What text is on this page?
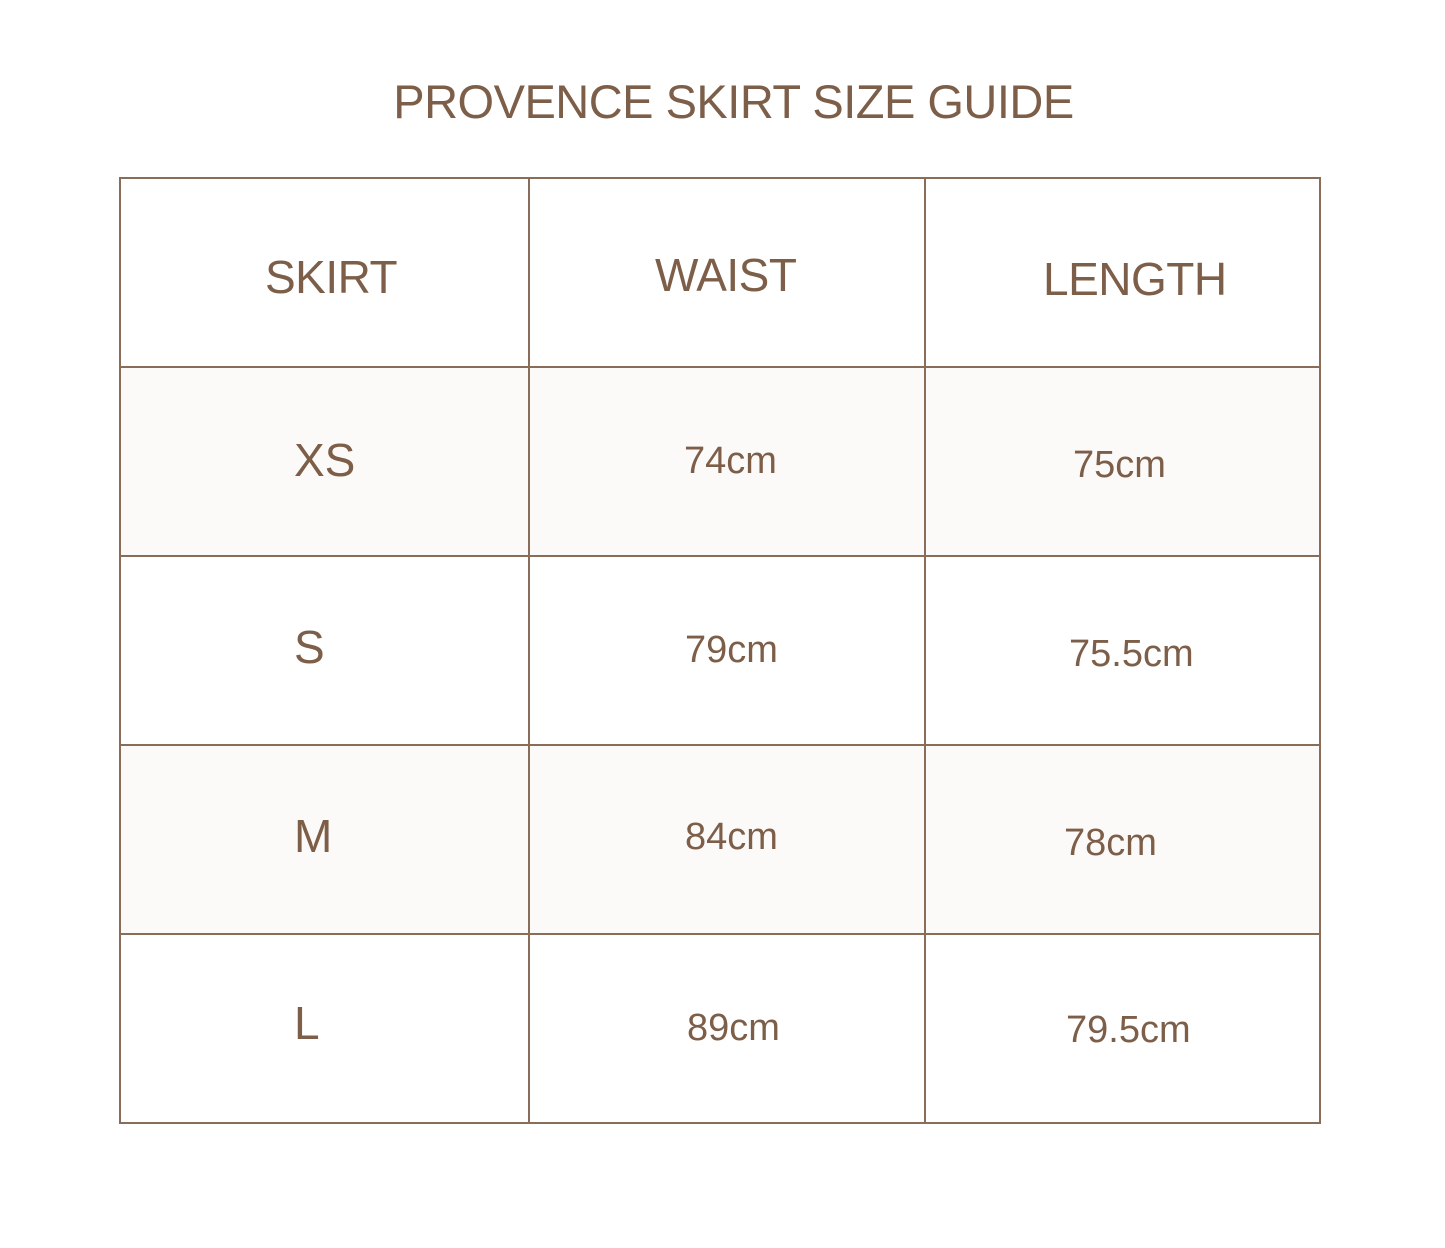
PROVENCE SKIRT SIZE GUIDE
SKIRT	WAIST	LENGTH

XS	74cm	75cm

S	79cm	75.5cm

M	84cm	78cm

L	89cm	79.5cm
